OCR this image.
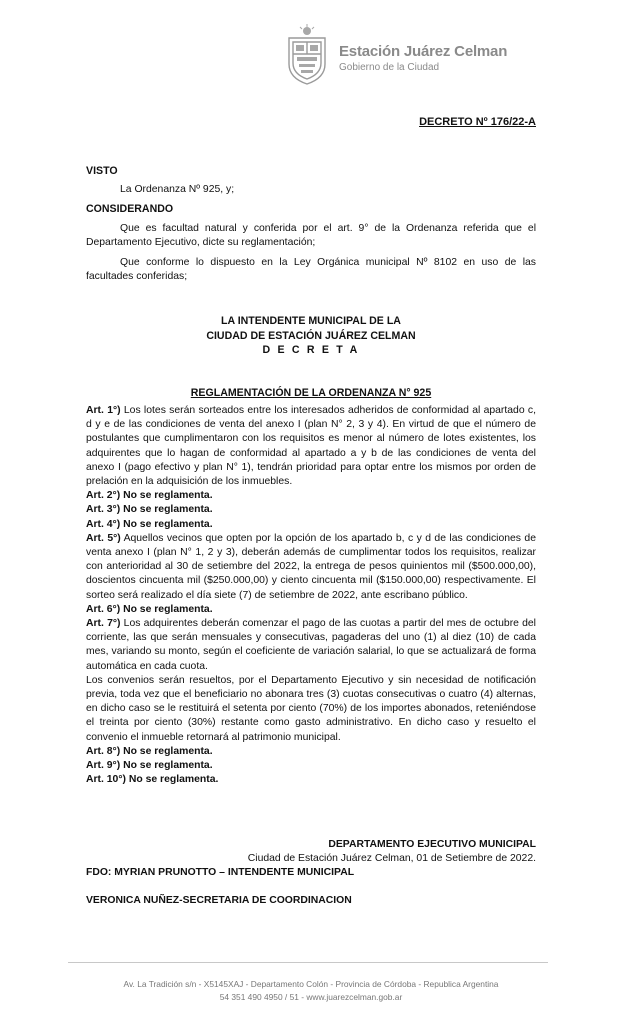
Estación Juárez Celman
Gobierno de la Ciudad
DECRETO Nº 176/22-A
VISTO
La Ordenanza Nº 925, y;
CONSIDERANDO

Que es facultad natural y conferida por el art. 9° de la Ordenanza referida que el Departamento Ejecutivo, dicte su reglamentación;

Que conforme lo dispuesto en la Ley Orgánica municipal Nº 8102 en uso de las facultades conferidas;

LA INTENDENTE MUNICIPAL DE LA
CIUDAD DE ESTACIÓN JUÁREZ CELMAN
D E C R E T A
REGLAMENTACIÓN DE LA ORDENANZA N° 925

Art. 1°) Los lotes serán sorteados entre los interesados adheridos de conformidad al apartado c, d y e de las condiciones de venta del anexo I (plan N° 2, 3 y 4). En virtud de que el número de postulantes que cumplimentaron con los requisitos es menor al número de lotes existentes, los adquirentes que lo hagan de conformidad al apartado a y b de las condiciones de venta del anexo I (pago efectivo y plan N° 1), tendrán prioridad para optar entre los mismos por orden de prelación en la adquisición de los inmuebles.

Art. 2°) No se reglamenta.

Art. 3°) No se reglamenta.

Art. 4°) No se reglamenta.

Art. 5°) Aquellos vecinos que opten por la opción de los apartado b, c y d de las condiciones de venta anexo I (plan N° 1, 2 y 3), deberán además de cumplimentar todos los requisitos, realizar con anterioridad al 30 de setiembre del 2022, la entrega de pesos quinientos mil ($500.000,00), doscientos cincuenta mil ($250.000,00) y ciento cincuenta mil ($150.000,00) respectivamente. El sorteo será realizado el día siete (7) de setiembre de 2022, ante escribano público.

Art. 6°) No se reglamenta.

Art. 7°) Los adquirentes deberán comenzar el pago de las cuotas a partir del mes de octubre del corriente, las que serán mensuales y consecutivas, pagaderas del uno (1) al diez (10) de cada mes, variando su monto, según el coeficiente de variación salarial, lo que se actualizará de forma automática en cada cuota.

Los convenios serán resueltos, por el Departamento Ejecutivo y sin necesidad de notificación previa, toda vez que el beneficiario no abonara tres (3) cuotas consecutivas o cuatro (4) alternas, en dicho caso se le restituirá el setenta por ciento (70%) de los importes abonados, reteniéndose el treinta por ciento (30%) restante como gasto administrativo. En dicho caso y resuelto el convenio el inmueble retornará al patrimonio municipal.

Art. 8°) No se reglamenta.

Art. 9°) No se reglamenta.

Art. 10°) No se reglamenta.

DEPARTAMENTO EJECUTIVO MUNICIPAL
Ciudad de Estación Juárez Celman, 01 de Setiembre de 2022.
FDO: MYRIAN PRUNOTTO – INTENDENTE MUNICIPAL
VERONICA NUÑEZ-SECRETARIA DE COORDINACION
Av. La Tradición s/n - X5145XAJ - Departamento Colón - Provincia de Córdoba - Republica Argentina
54 351 490 4950 / 51 - www.juarezcelman.gob.ar
